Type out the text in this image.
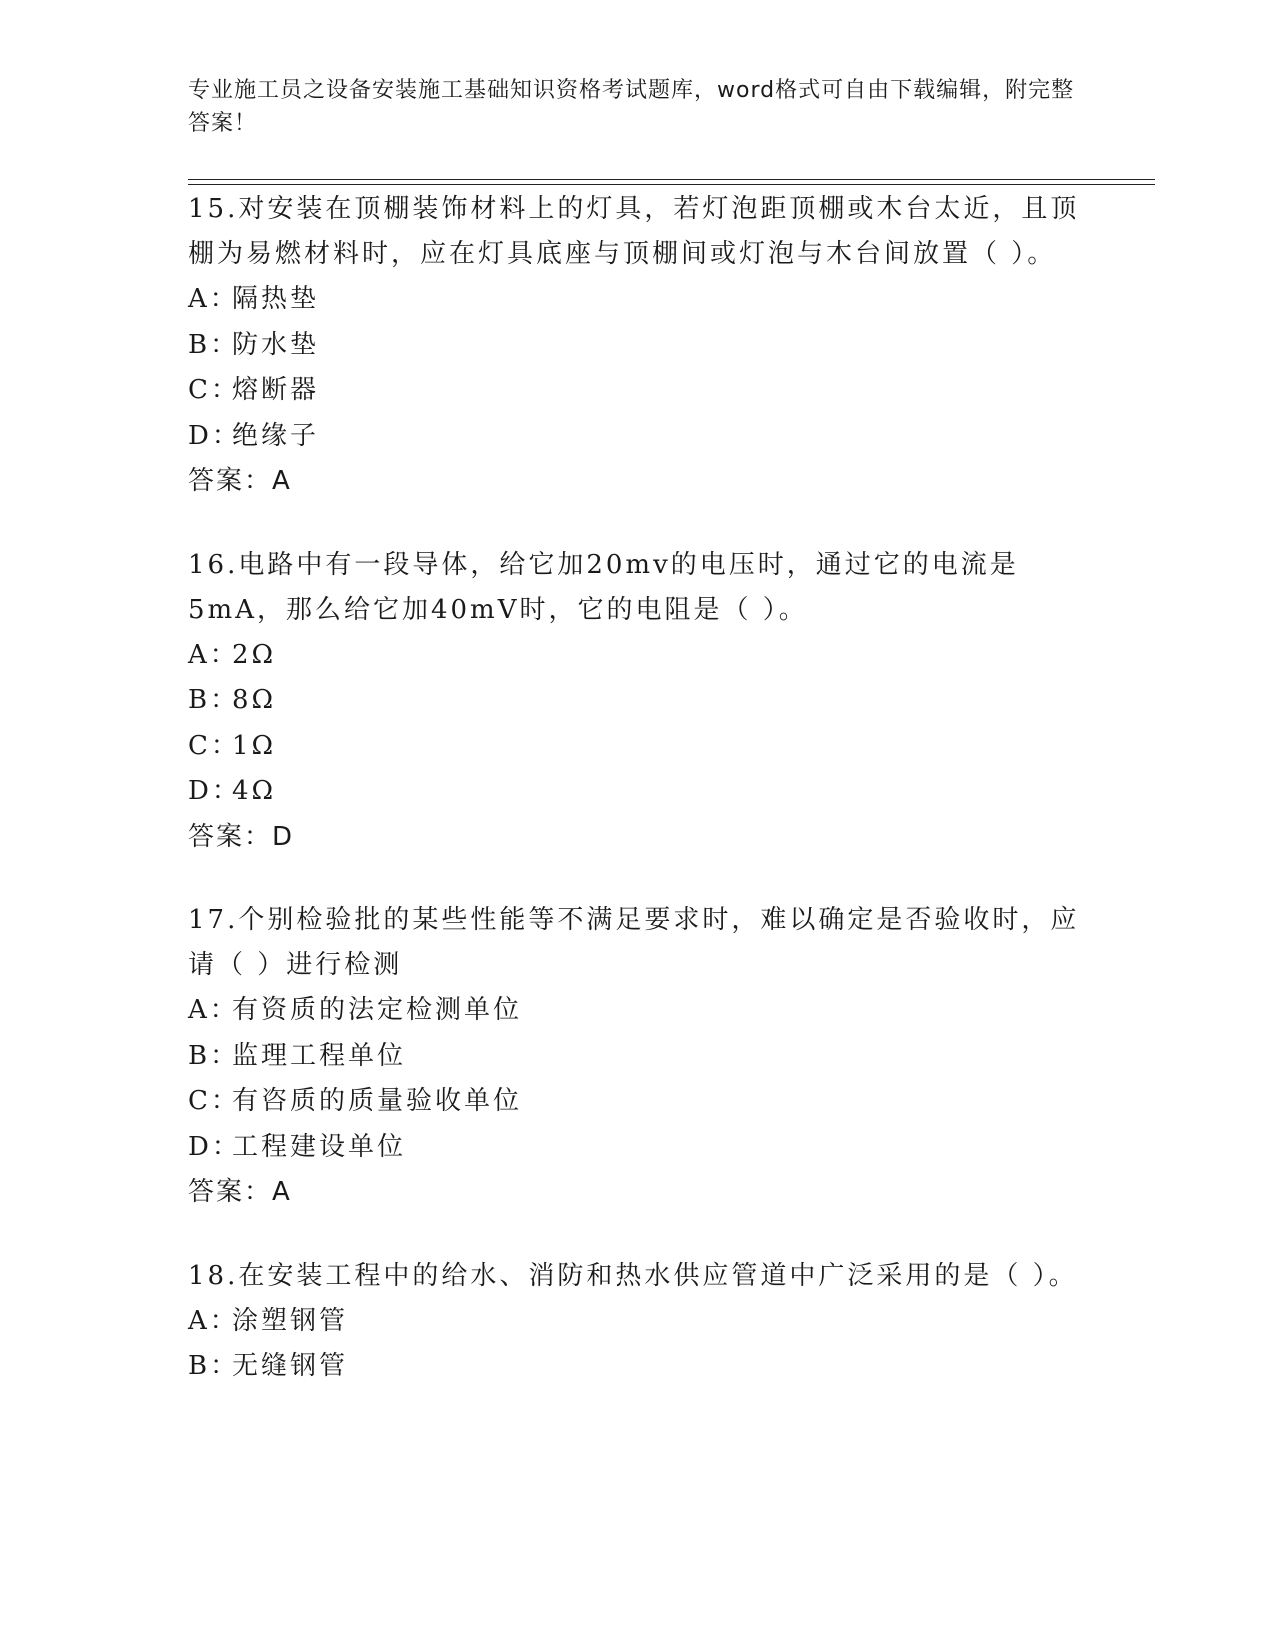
专业施工员之设备安装施工基础知识资格考试题库，word格式可自由下载编辑，附完整答案！

15.对安装在顶棚装饰材料上的灯具，若灯泡距顶棚或木台太近，且顶棚为易燃材料时，应在灯具底座与顶棚间或灯泡与木台间放置（ ）。

A：隔热垫
B：防水垫
C：熔断器
D：绝缘子
答案：A

16.电路中有一段导体，给它加20mv的电压时，通过它的电流是5mA，那么给它加40mV时，它的电阻是（ ）。

A：2Ω
B：8Ω
C：1Ω
D：4Ω
答案：D

17.个别检验批的某些性能等不满足要求时，难以确定是否验收时，应请（ ）进行检测

A：有资质的法定检测单位
B：监理工程单位
C：有咨质的质量验收单位
D：工程建设单位
答案：A

18.在安装工程中的给水、消防和热水供应管道中广泛采用的是（ ）。

A：涂塑钢管
B：无缝钢管
